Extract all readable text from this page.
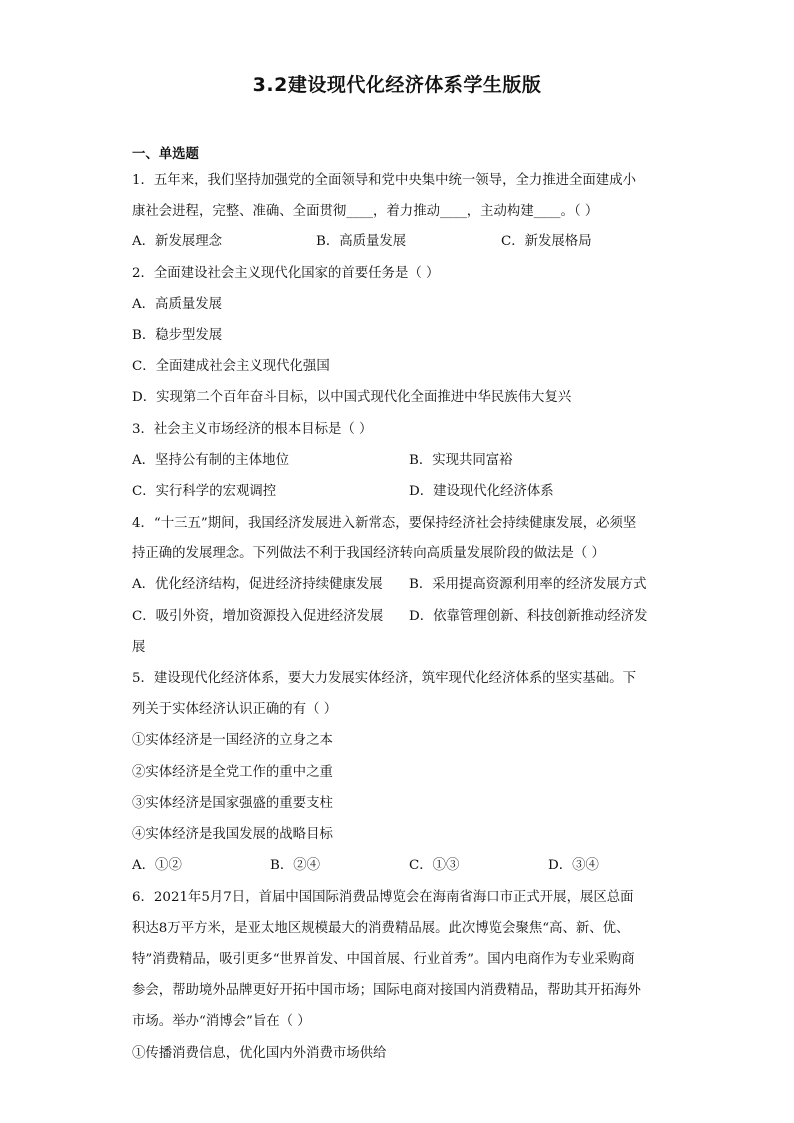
3.2建设现代化经济体系学生版版
一、单选题
1．五年来，我们坚持加强党的全面领导和党中央集中统一领导，全力推进全面建成小
康社会进程，完整、准确、全面贯彻____，着力推动____，主动构建____。（ ）
A．新发展理念	B．高质量发展	C．新发展格局
2．全面建设社会主义现代化国家的首要任务是（ ）
A．高质量发展
B．稳步型发展
C．全面建成社会主义现代化强国
D．实现第二个百年奋斗目标，以中国式现代化全面推进中华民族伟大复兴
3．社会主义市场经济的根本目标是（ ）
A．坚持公有制的主体地位	B．实现共同富裕
C．实行科学的宏观调控	D．建设现代化经济体系
4．“十三五”期间，我国经济发展进入新常态，要保持经济社会持续健康发展，必须坚
持正确的发展理念。下列做法不利于我国经济转向高质量发展阶段的做法是（ ）
A．优化经济结构，促进经济持续健康发展 B．采用提高资源利用率的经济发展方式
C．吸引外资，增加资源投入促进经济发展 D．依靠管理创新、科技创新推动经济发
展
5．建设现代化经济体系，要大力发展实体经济，筑牢现代化经济体系的坚实基础。下
列关于实体经济认识正确的有（ ）
①实体经济是一国经济的立身之本
②实体经济是全党工作的重中之重
③实体经济是国家强盛的重要支柱
④实体经济是我国发展的战略目标
A．①②	B．②④	C．①③	D．③④
6．2021年5月7日，首届中国国际消费品博览会在海南省海口市正式开展，展区总面
积达8万平方米，是亚太地区规模最大的消费精品展。此次博览会聚焦“高、新、优、
特”消费精品，吸引更多“世界首发、中国首展、行业首秀”。国内电商作为专业采购商
参会，帮助境外品牌更好开拓中国市场；国际电商对接国内消费精品，帮助其开拓海外
市场。举办“消博会”旨在（ ）
①传播消费信息，优化国内外消费市场供给
